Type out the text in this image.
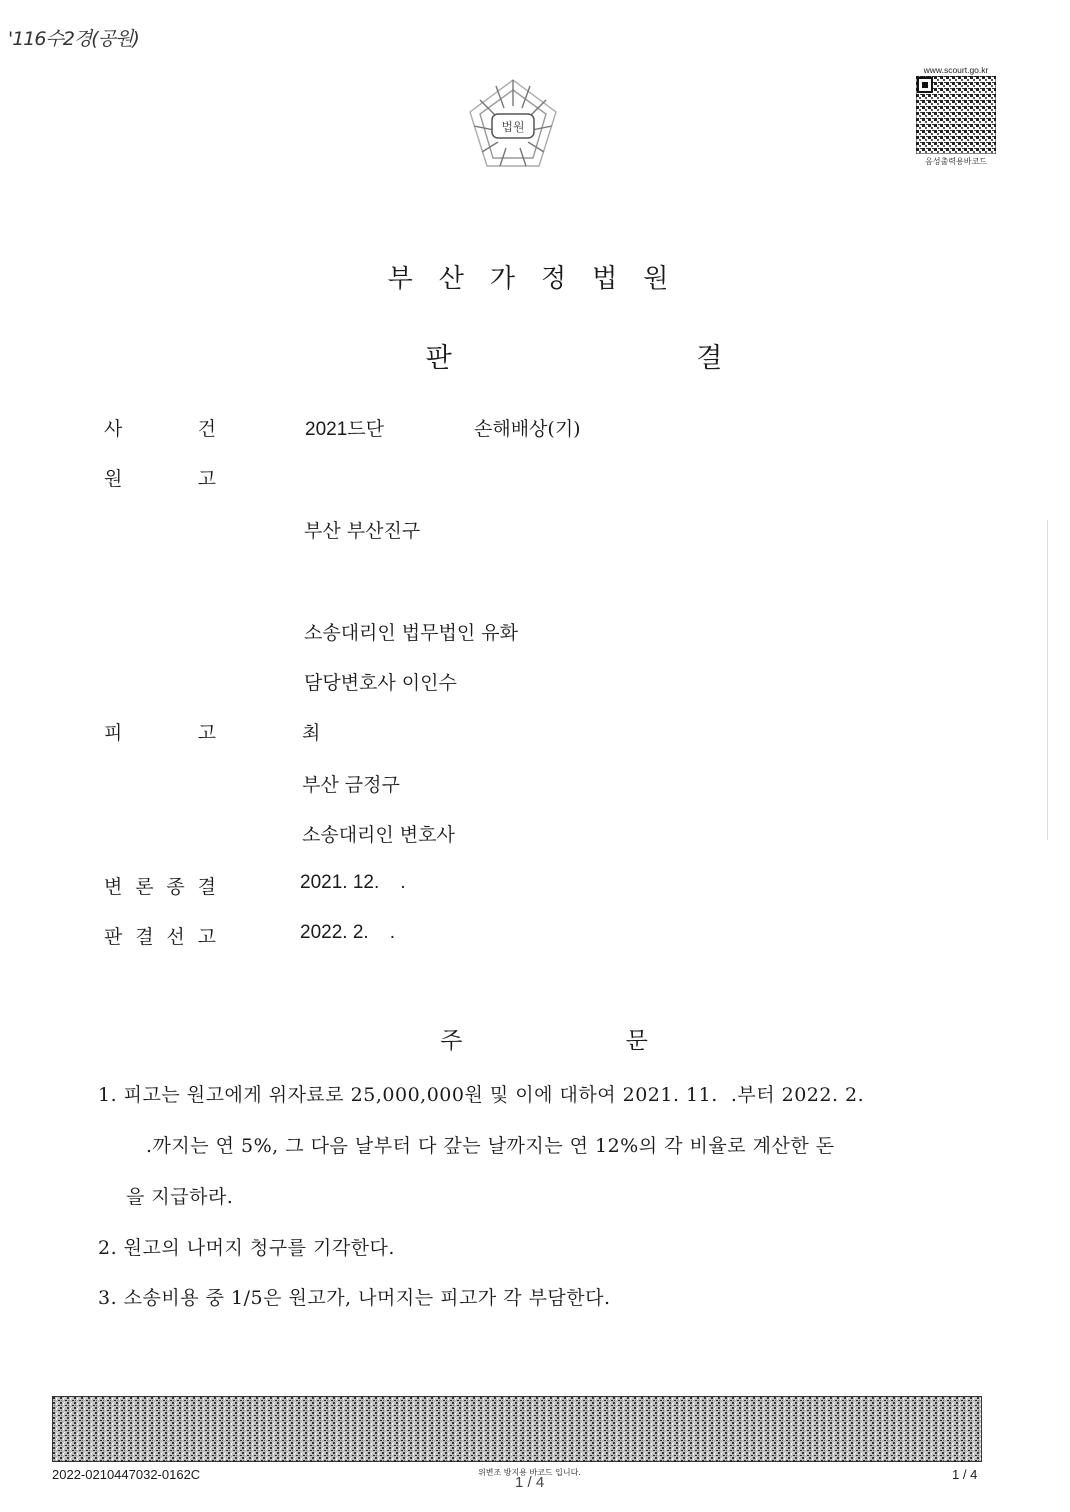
'116수2경(공원)
법원
www.scourt.go.kr
음성출력용바코드
부산가정법원
판 결
사	건	2021드단	손해배상(기)
원	고
부산 부산진구
소송대리인 법무법인 유화
담당변호사 이인수
피	고	최
부산 금정구
소송대리인 변호사
변 론 종 결	2021. 12.    .
판 결 선 고	2022. 2.    .
주 문
1. 피고는 원고에게 위자료로 25,000,000원 및 이에 대하여 2021. 11.  .부터 2022. 2.
.까지는 연 5%, 그 다음 날부터 다 갚는 날까지는 연 12%의 각 비율로 계산한 돈
을 지급하라.
2. 원고의 나머지 청구를 기각한다.
3. 소송비용 중 1/5은 원고가, 나머지는 피고가 각 부담한다.
2022-0210447032-0162C	위변조 방지용 바코드 입니다.
1 / 4	1 / 4
